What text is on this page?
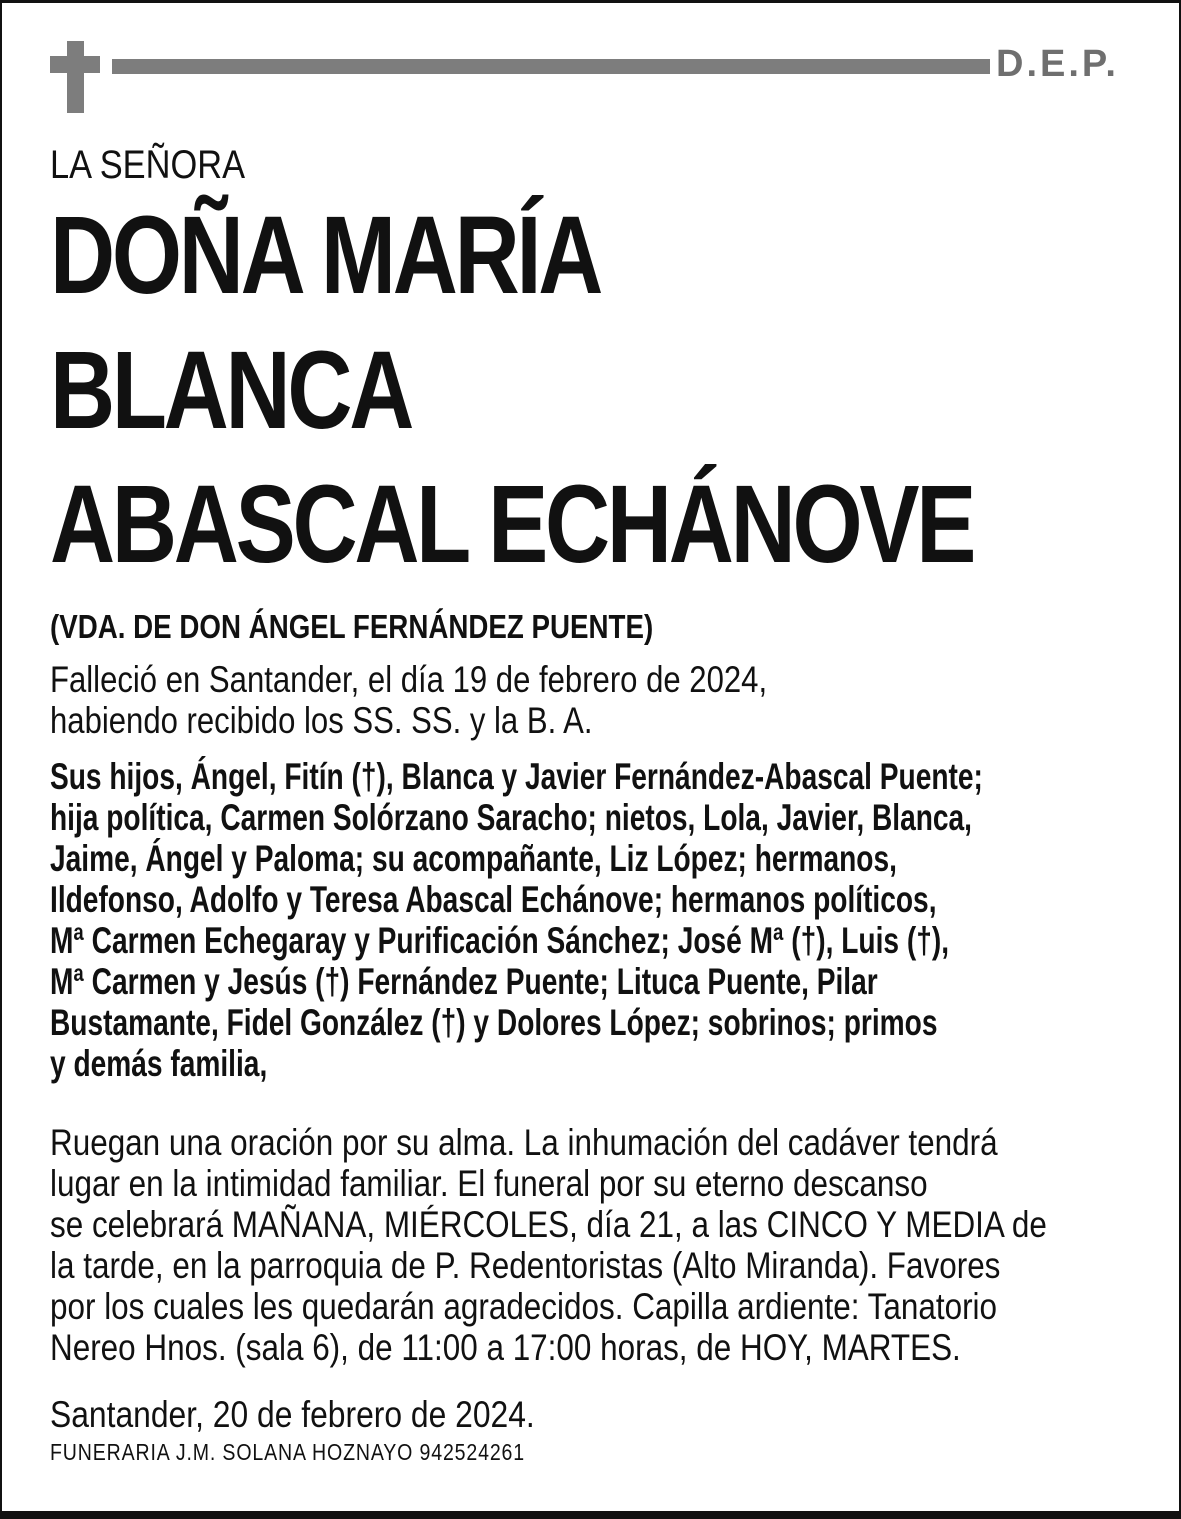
D.E.P.
LA SEÑORA
DOÑA MARÍA
BLANCA
ABASCAL ECHÁNOVE
(VDA. DE DON ÁNGEL FERNÁNDEZ PUENTE)
Falleció en Santander, el día 19 de febrero de 2024,
habiendo recibido los SS. SS. y la B. A.
Sus hijos, Ángel, Fitín (†), Blanca y Javier Fernández-Abascal Puente;
hija política, Carmen Solórzano Saracho; nietos, Lola, Javier, Blanca,
Jaime, Ángel y Paloma; su acompañante, Liz López; hermanos,
Ildefonso, Adolfo y Teresa Abascal Echánove; hermanos políticos,
Mª Carmen Echegaray y Purificación Sánchez; José Mª (†), Luis (†),
Mª Carmen y Jesús (†) Fernández Puente; Lituca Puente, Pilar
Bustamante, Fidel González (†) y Dolores López; sobrinos; primos
y demás familia,
Ruegan una oración por su alma. La inhumación del cadáver tendrá
lugar en la intimidad familiar. El funeral por su eterno descanso
se celebrará MAÑANA, MIÉRCOLES, día 21, a las CINCO Y MEDIA de
la tarde, en la parroquia de P. Redentoristas (Alto Miranda). Favores
por los cuales les quedarán agradecidos. Capilla ardiente: Tanatorio
Nereo Hnos. (sala 6), de 11:00 a 17:00 horas, de HOY, MARTES.
Santander, 20 de febrero de 2024.
FUNERARIA J.M. SOLANA HOZNAYO 942524261
